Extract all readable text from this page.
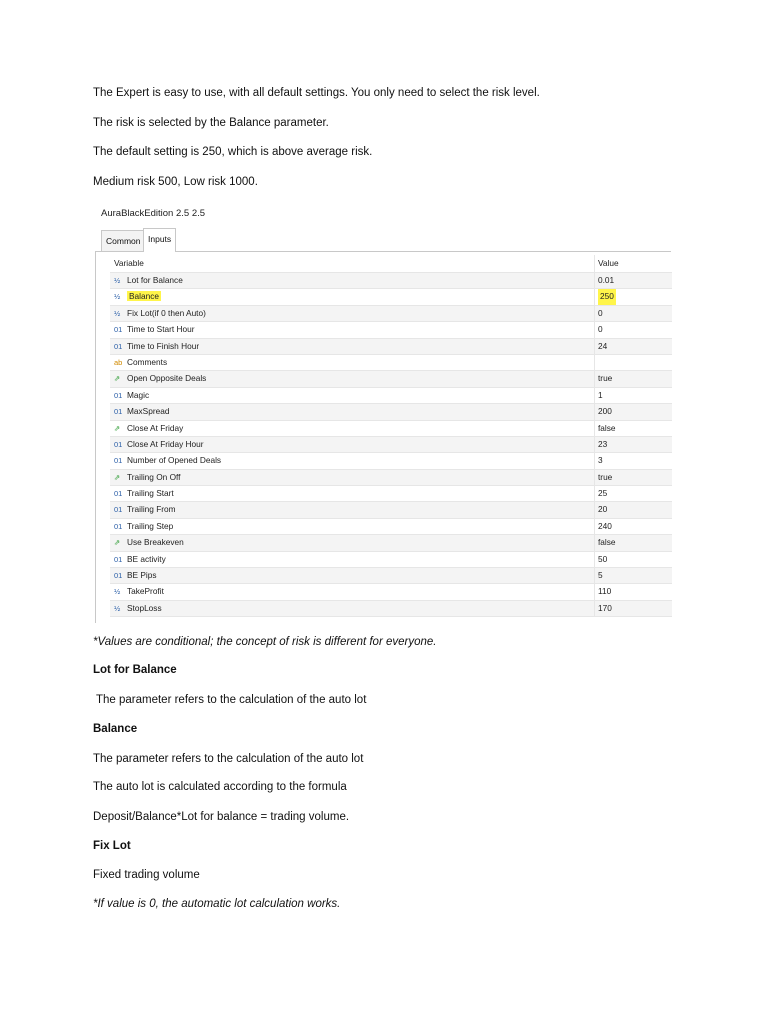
The Expert is easy to use, with all default settings. You only need to select the risk level.
The risk is selected by the Balance parameter.
The default setting is 250, which is above average risk.
Medium risk 500, Low risk 1000.
AuraBlackEdition 2.5 2.5
Common Inputs
Variable	Value
½ Lot for Balance	0.01
½ Balance	250
½ Fix Lot(if 0 then Auto)	0
01 Time to Start Hour	0
01 Time to Finish Hour	24
ab Comments
⇗ Open Opposite Deals	true
01 Magic	1
01 MaxSpread	200
⇗ Close At Friday	false
01 Close At Friday Hour	23
01 Number of Opened Deals	3
⇗ Trailing On Off	true
01 Trailing Start	25
01 Trailing From	20
01 Trailing Step	240
⇗ Use Breakeven	false
01 BE activity	50
01 BE Pips	5
½ TakeProfit	110
½ StopLoss	170
*Values are conditional; the concept of risk is different for everyone.
Lot for Balance
The parameter refers to the calculation of the auto lot
Balance
The parameter refers to the calculation of the auto lot
The auto lot is calculated according to the formula
Deposit/Balance*Lot for balance = trading volume.
Fix Lot
Fixed trading volume
*If value is 0, the automatic lot calculation works.
